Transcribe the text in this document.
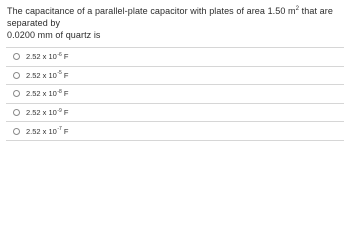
The capacitance of a parallel-plate capacitor with plates of area 1.50 $m^2$ that are separated by
0.0200 mm of quartz is
2.52 x $10^{-6}$ F
2.52 x $10^{-5}$ F
2.52 x $10^{-8}$ F
2.52 x $10^{-9}$ F
2.52 x $10^{-7}$ F
